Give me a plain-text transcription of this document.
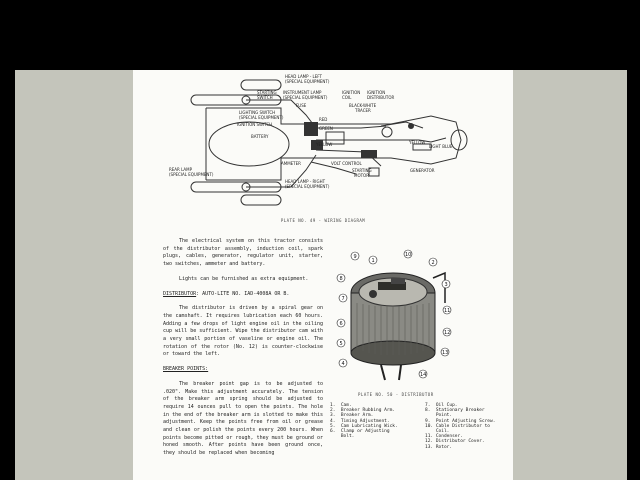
HEAD LAMP - LEFT
(SPECIAL EQUIPMENT)
STARTING
SWITCH
INSTRUMENT LAMP
(SPECIAL EQUIPMENT)
IGNITION
COIL
IGNITION
DISTRIBUTOR
FUSE	BLACK-WHITE
TRACER
LIGHTING SWITCH
(SPECIAL EQUIPMENT)
IGNITION SWITCH
RED
GREEN
BATTERY
YELLOW	YELLOW
LIGHT BLUE
AMMETER	VOLT CONTROL
STARTING
MOTOR
GENERATOR
REAR LAMP
(SPECIAL EQUIPMENT)
HEAD LAMP - RIGHT
(SPECIAL EQUIPMENT)
PLATE NO. 49 - WIRING DIAGRAM

The electrical system on this tractor consists of the distributor assembly, induction coil, spark plugs, cables, generator, regulator unit, starter, two switches, ammeter and battery.

Lights can be furnished as extra equipment.

DISTRIBUTOR: AUTO-LITE NO. IAD-4008A OR B.

The distributor is driven by a spiral gear on the camshaft. It requires lubrication each 60 hours. Adding a few drops of light engine oil in the oiling cup will be sufficient. Wipe the distributor cam with a very small portion of vaseline or engine oil. The rotation of the rotor (No. 12) is counter-clockwise or toward the left.

BREAKER POINTS:

The breaker point gap is to be adjusted to .020". Make this adjustment accurately. The tension of the breaker arm spring should be adjusted to require 14 ounces pull to open the points. The hole in the end of the breaker arm is slotted to make this adjustment. Keep the points free from oil or grease and clean or polish the points every 200 hours. When points become pitted or rough, they must be ground or honed smooth. After points have been ground once, they should be replaced when becoming

1	2
3
4
5
6
7
8
9	10
11
12
13
14
PLATE NO. 50 - DISTRIBUTOR
1.  Cam.
2.  Breaker Rubbing Arm.
3.  Breaker Arm.
4.  Timing Adjustment.
5.  Cam Lubricating Wick.
6.  Clamp or Adjusting
Bolt.
7.  Oil Cup.
8.  Stationary Breaker
Point.
9.  Point Adjusting Screw.
10. Cable Distributor to
Coil.
11. Condenser.
12. Distributor Cover.
13. Rotor.
